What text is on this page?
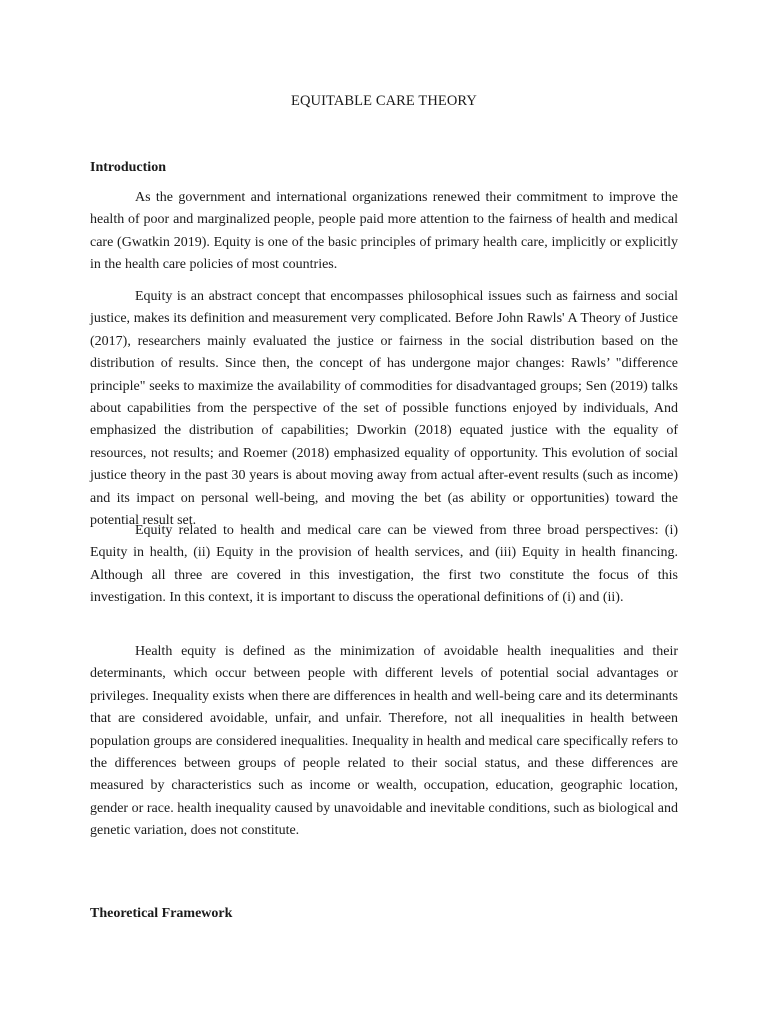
EQUITABLE CARE THEORY
Introduction

As the government and international organizations renewed their commitment to improve the health of poor and marginalized people, people paid more attention to the fairness of health and medical care (Gwatkin 2019). Equity is one of the basic principles of primary health care, implicitly or explicitly in the health care policies of most countries.

Equity is an abstract concept that encompasses philosophical issues such as fairness and social justice, makes its definition and measurement very complicated. Before John Rawls' A Theory of Justice (2017), researchers mainly evaluated the justice or fairness in the social distribution based on the distribution of results. Since then, the concept of has undergone major changes: Rawls’ "difference principle" seeks to maximize the availability of commodities for disadvantaged groups; Sen (2019) talks about capabilities from the perspective of the set of possible functions enjoyed by individuals, And emphasized the distribution of capabilities; Dworkin (2018) equated justice with the equality of resources, not results; and Roemer (2018) emphasized equality of opportunity. This evolution of social justice theory in the past 30 years is about moving away from actual after-event results (such as income) and its impact on personal well-being, and moving the bet (as ability or opportunities) toward the potential result set.

Equity related to health and medical care can be viewed from three broad perspectives: (i) Equity in health, (ii) Equity in the provision of health services, and (iii) Equity in health financing. Although all three are covered in this investigation, the first two constitute the focus of this investigation. In this context, it is important to discuss the operational definitions of (i) and (ii).

Health equity is defined as the minimization of avoidable health inequalities and their determinants, which occur between people with different levels of potential social advantages or privileges. Inequality exists when there are differences in health and well-being care and its determinants that are considered avoidable, unfair, and unfair. Therefore, not all inequalities in health between population groups are considered inequalities. Inequality in health and medical care specifically refers to the differences between groups of people related to their social status, and these differences are measured by characteristics such as income or wealth, occupation, education, geographic location, gender or race. health inequality caused by unavoidable and inevitable conditions, such as biological and genetic variation, does not constitute.

Theoretical Framework
